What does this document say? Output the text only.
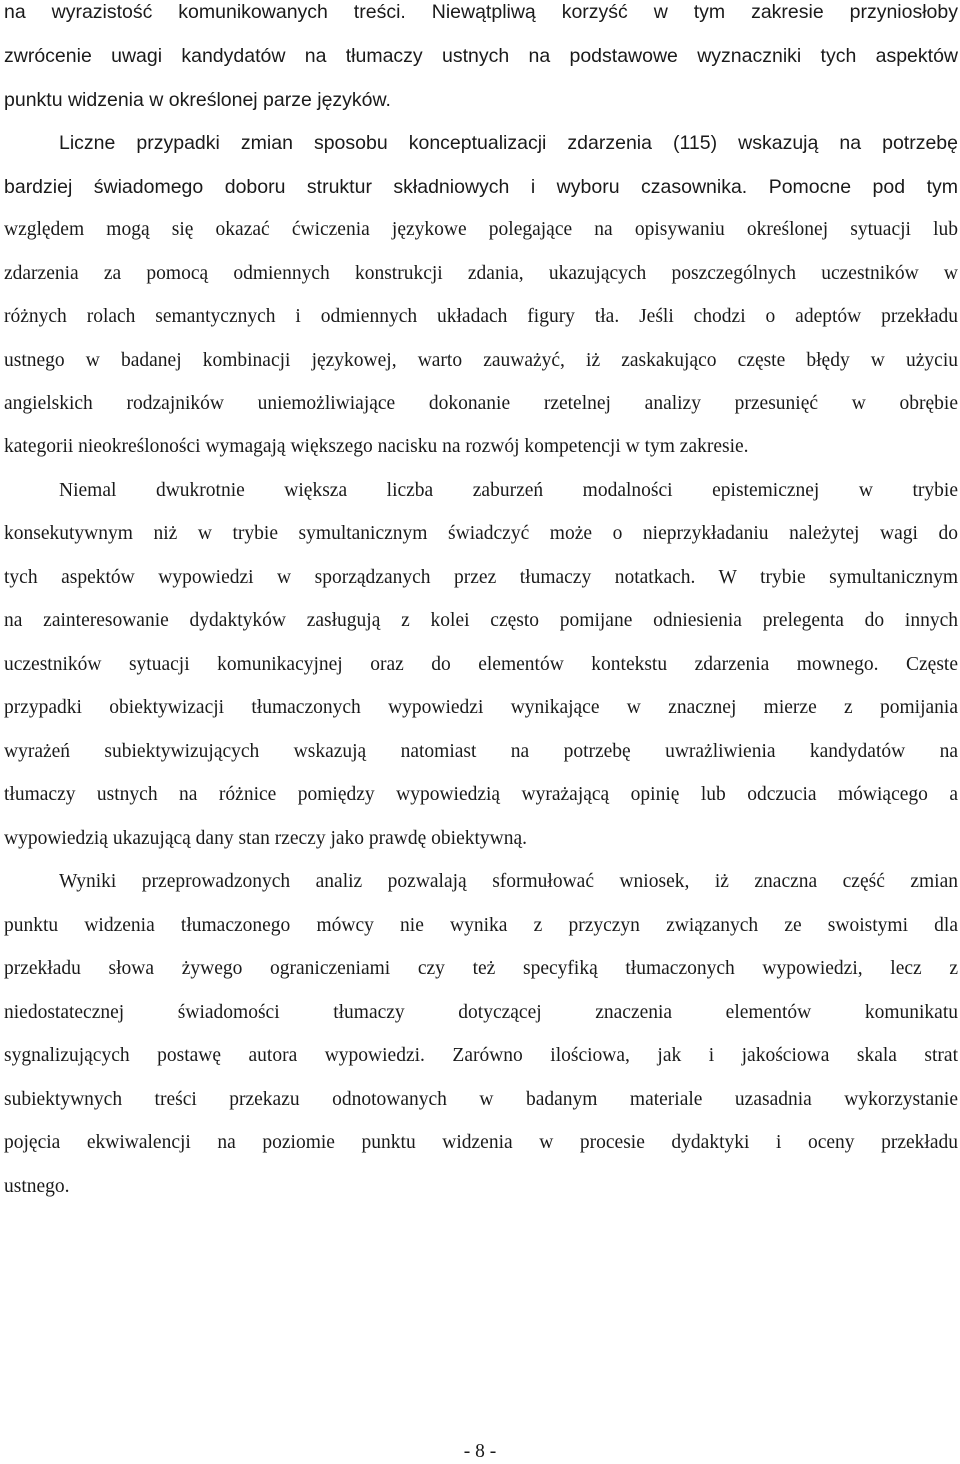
na wyrazistość komunikowanych treści. Niewątpliwą korzyść w tym zakresie przyniosłoby
zwrócenie uwagi kandydatów na tłumaczy ustnych na podstawowe wyznaczniki tych aspektów
punktu widzenia w określonej parze języków.
Liczne przypadki zmian sposobu konceptualizacji zdarzenia (115) wskazują na potrzebę
bardziej świadomego doboru struktur składniowych i wyboru czasownika. Pomocne pod tym
względem mogą się okazać ćwiczenia językowe polegające na opisywaniu określonej sytuacji lub
zdarzenia za pomocą odmiennych konstrukcji zdania, ukazujących poszczególnych uczestników w
różnych rolach semantycznych i odmiennych układach figury tła. Jeśli chodzi o adeptów przekładu
ustnego w badanej kombinacji językowej, warto zauważyć, iż zaskakująco częste błędy w użyciu
angielskich rodzajników uniemożliwiające dokonanie rzetelnej analizy przesunięć w obrębie
kategorii nieokreśloności wymagają większego nacisku na rozwój kompetencji w tym zakresie.
Niemal dwukrotnie większa liczba zaburzeń modalności epistemicznej w trybie
konsekutywnym niż w trybie symultanicznym świadczyć może o nieprzykładaniu należytej wagi do
tych aspektów wypowiedzi w sporządzanych przez tłumaczy notatkach. W trybie symultanicznym
na zainteresowanie dydaktyków zasługują z kolei często pomijane odniesienia prelegenta do innych
uczestników sytuacji komunikacyjnej oraz do elementów kontekstu zdarzenia mownego. Częste
przypadki obiektywizacji tłumaczonych wypowiedzi wynikające w znacznej mierze z pomijania
wyrażeń subiektywizujących wskazują natomiast na potrzebę uwrażliwienia kandydatów na
tłumaczy ustnych na różnice pomiędzy wypowiedzią wyrażającą opinię lub odczucia mówiącego a
wypowiedzią ukazującą dany stan rzeczy jako prawdę obiektywną.
Wyniki przeprowadzonych analiz pozwalają sformułować wniosek, iż znaczna część zmian
punktu widzenia tłumaczonego mówcy nie wynika z przyczyn związanych ze swoistymi dla
przekładu słowa żywego ograniczeniami czy też specyfiką tłumaczonych wypowiedzi, lecz z
niedostatecznej świadomości tłumaczy dotyczącej znaczenia elementów komunikatu
sygnalizujących postawę autora wypowiedzi. Zarówno ilościowa, jak i jakościowa skala strat
subiektywnych treści przekazu odnotowanych w badanym materiale uzasadnia wykorzystanie
pojęcia ekwiwalencji na poziomie punktu widzenia w procesie dydaktyki i oceny przekładu
ustnego.
- 8 -
